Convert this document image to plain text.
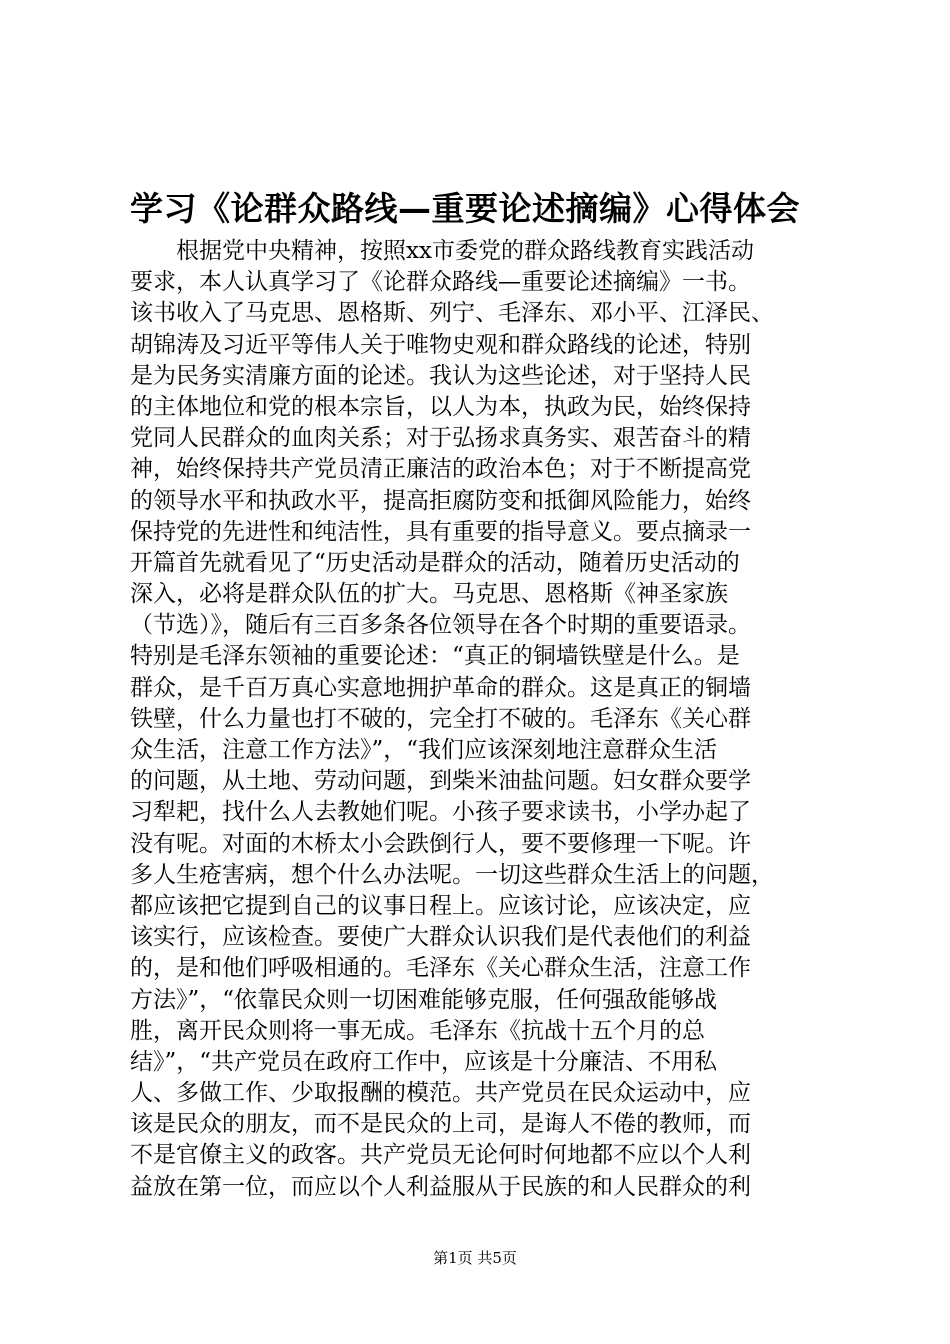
学习《论群众路线—重要论述摘编》心得体会
　　根据党中央精神，按照xx市委党的群众路线教育实践活动
要求，本人认真学习了《论群众路线—重要论述摘编》一书。
该书收入了马克思、恩格斯、列宁、毛泽东、邓小平、江泽民、
胡锦涛及习近平等伟人关于唯物史观和群众路线的论述，特别
是为民务实清廉方面的论述。我认为这些论述，对于坚持人民
的主体地位和党的根本宗旨，以人为本，执政为民，始终保持
党同人民群众的血肉关系；对于弘扬求真务实、艰苦奋斗的精
神，始终保持共产党员清正廉洁的政治本色；对于不断提高党
的领导水平和执政水平，提高拒腐防变和抵御风险能力，始终
保持党的先进性和纯洁性，具有重要的指导意义。要点摘录一
开篇首先就看见了“历史活动是群众的活动，随着历史活动的
深入，必将是群众队伍的扩大。马克思、恩格斯《神圣家族
（节选）》，随后有三百多条各位领导在各个时期的重要语录。
特别是毛泽东领袖的重要论述：“真正的铜墙铁壁是什么。是
群众，是千百万真心实意地拥护革命的群众。这是真正的铜墙
铁壁，什么力量也打不破的，完全打不破的。毛泽东《关心群
众生活，注意工作方法》”，“我们应该深刻地注意群众生活
的问题，从土地、劳动问题，到柴米油盐问题。妇女群众要学
习犁耙，找什么人去教她们呢。小孩子要求读书，小学办起了
没有呢。对面的木桥太小会跌倒行人，要不要修理一下呢。许
多人生疮害病，想个什么办法呢。一切这些群众生活上的问题，
都应该把它提到自己的议事日程上。应该讨论，应该决定，应
该实行，应该检查。要使广大群众认识我们是代表他们的利益
的，是和他们呼吸相通的。毛泽东《关心群众生活，注意工作
方法》”，“依靠民众则一切困难能够克服，任何强敌能够战
胜，离开民众则将一事无成。毛泽东《抗战十五个月的总
结》”，“共产党员在政府工作中，应该是十分廉洁、不用私
人、多做工作、少取报酬的模范。共产党员在民众运动中，应
该是民众的朋友，而不是民众的上司，是诲人不倦的教师，而
不是官僚主义的政客。共产党员无论何时何地都不应以个人利
益放在第一位，而应以个人利益服从于民族的和人民群众的利
第1页 共5页
